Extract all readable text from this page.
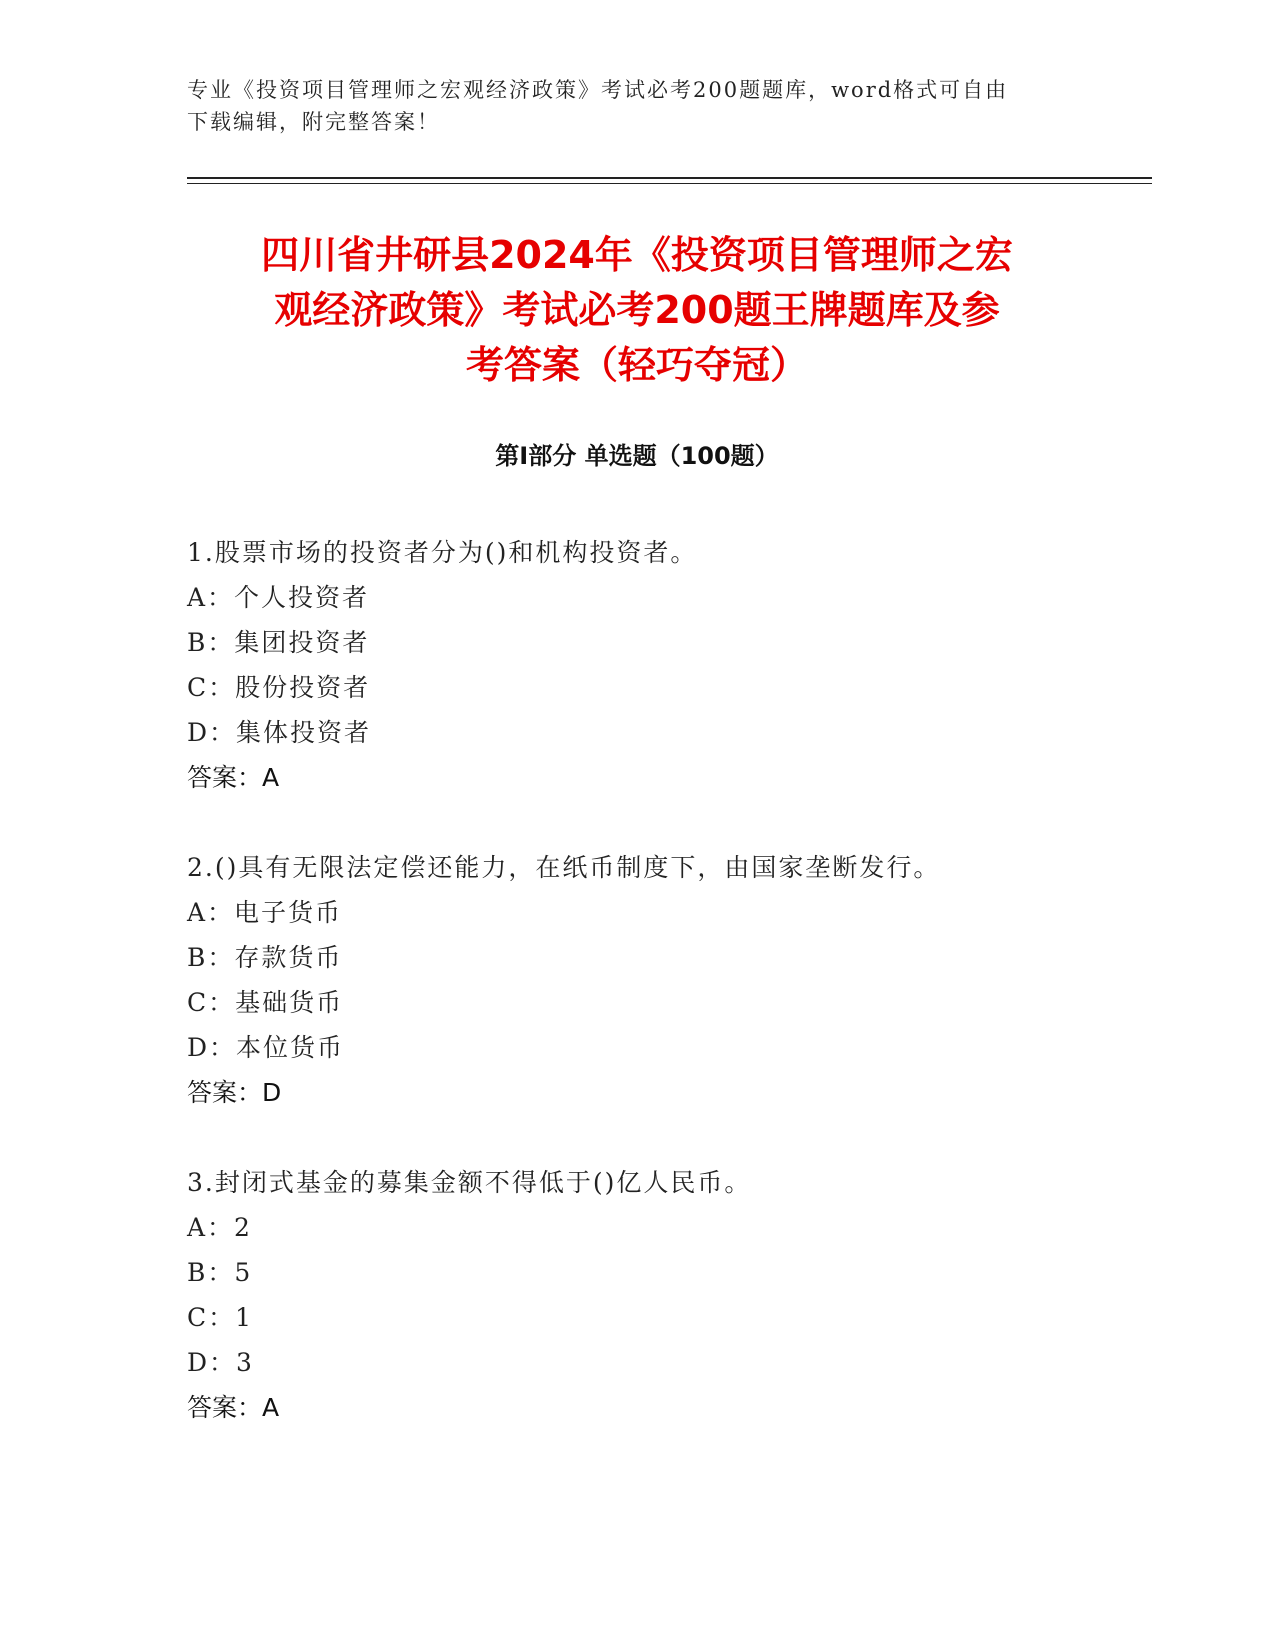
专业《投资项目管理师之宏观经济政策》考试必考200题题库，word格式可自由
下载编辑，附完整答案！
四川省井研县2024年《投资项目管理师之宏
观经济政策》考试必考200题王牌题库及参
考答案（轻巧夺冠）
第Ⅰ部分 单选题（100题）
1.股票市场的投资者分为()和机构投资者。
A：个人投资者
B：集团投资者
C：股份投资者
D：集体投资者
答案：A
2.()具有无限法定偿还能力，在纸币制度下，由国家垄断发行。
A：电子货币
B：存款货币
C：基础货币
D：本位货币
答案：D
3.封闭式基金的募集金额不得低于()亿人民币。
A：2
B：5
C：1
D：3
答案：A
